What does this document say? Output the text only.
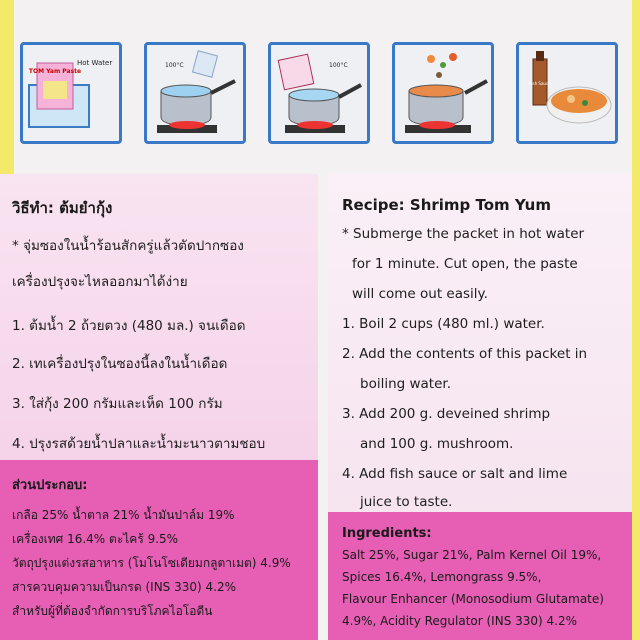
TOM Yam Paste
Hot Water	100°C	100°C
Fish Sauce
วิธีทำ: ต้มยำกุ้ง
* จุ่มซองในน้ำร้อนสักครู่แล้วตัดปากซอง
เครื่องปรุงจะไหลออกมาได้ง่าย
1. ต้มน้ำ 2 ถ้วยตวง (480 มล.) จนเดือด
2. เทเครื่องปรุงในซองนี้ลงในน้ำเดือด
3. ใส่กุ้ง 200 กรัมและเห็ด 100 กรัม
4. ปรุงรสด้วยน้ำปลาและน้ำมะนาวตามชอบ
ส่วนประกอบ:
เกลือ 25% น้ำตาล 21% น้ำมันปาล์ม 19%
เครื่องเทศ 16.4% ตะไคร้ 9.5%
วัตถุปรุงแต่งรสอาหาร (โมโนโซเดียมกลูตาเมต) 4.9%
สารควบคุมความเป็นกรด (INS 330) 4.2%
สำหรับผู้ที่ต้องจำกัดการบริโภคไอโอดีน
Recipe: Shrimp Tom Yum
* Submerge the packet in hot water
for 1 minute. Cut open, the paste
will come out easily.
1. Boil 2 cups (480 ml.) water.
2. Add the contents of this packet in
boiling water.
3. Add 200 g. deveined shrimp
and 100 g. mushroom.
4. Add fish sauce or salt and lime
juice to taste.
Ingredients:
Salt 25%, Sugar 21%, Palm Kernel Oil 19%,
Spices 16.4%, Lemongrass 9.5%,
Flavour Enhancer (Monosodium Glutamate)
4.9%, Acidity Regulator (INS 330) 4.2%
